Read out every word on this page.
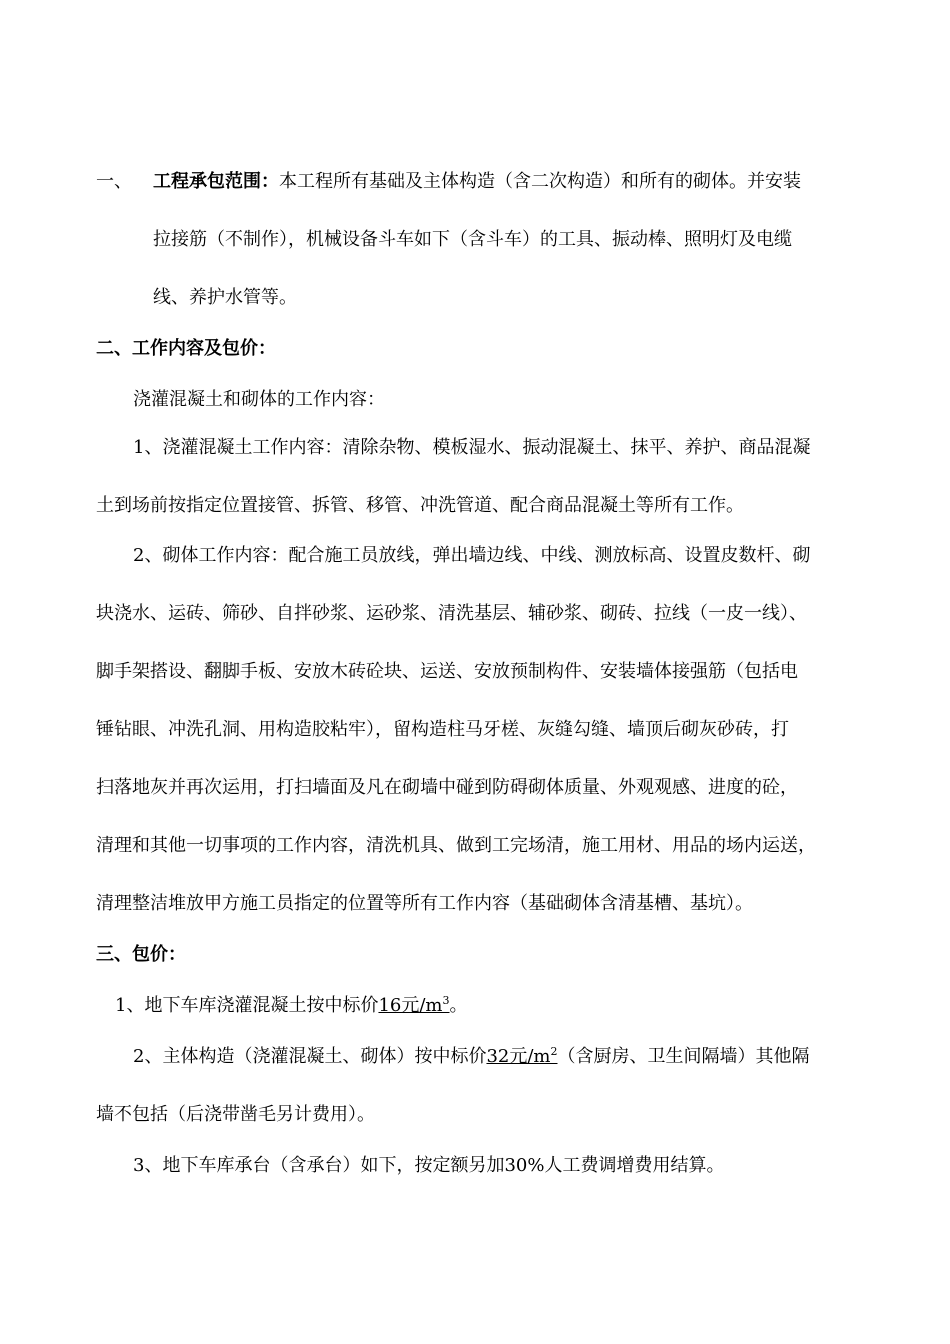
一、 工程承包范围：本工程所有基础及主体构造（含二次构造）和所有的砌体。并安装
拉接筋（不制作），机械设备斗车如下（含斗车）的工具、振动棒、照明灯及电缆
线、养护水管等。
二、工作内容及包价：
浇灌混凝土和砌体的工作内容：
1、浇灌混凝土工作内容：清除杂物、模板湿水、振动混凝土、抹平、养护、商品混凝
土到场前按指定位置接管、拆管、移管、冲洗管道、配合商品混凝土等所有工作。
2、砌体工作内容：配合施工员放线，弹出墙边线、中线、测放标高、设置皮数杆、砌
块浇水、运砖、筛砂、自拌砂浆、运砂浆、清洗基层、辅砂浆、砌砖、拉线（一皮一线）、
脚手架搭设、翻脚手板、安放木砖砼块、运送、安放预制构件、安装墙体接强筋（包括电
锤钻眼、冲洗孔洞、用构造胶粘牢），留构造柱马牙槎、灰缝勾缝、墙顶后砌灰砂砖，打
扫落地灰并再次运用，打扫墙面及凡在砌墙中碰到防碍砌体质量、外观观感、进度的砼，
清理和其他一切事项的工作内容，清洗机具、做到工完场清，施工用材、用品的场内运送，
清理整洁堆放甲方施工员指定的位置等所有工作内容（基础砌体含清基槽、基坑）。
三、包价：
1、地下车库浇灌混凝土按中标价16元$/m^3$。
2、主体构造（浇灌混凝土、砌体）按中标价32元$/m^2$（含厨房、卫生间隔墙）其他隔
墙不包括（后浇带凿毛另计费用）。
3、地下车库承台（含承台）如下，按定额另加30%人工费调增费用结算。
